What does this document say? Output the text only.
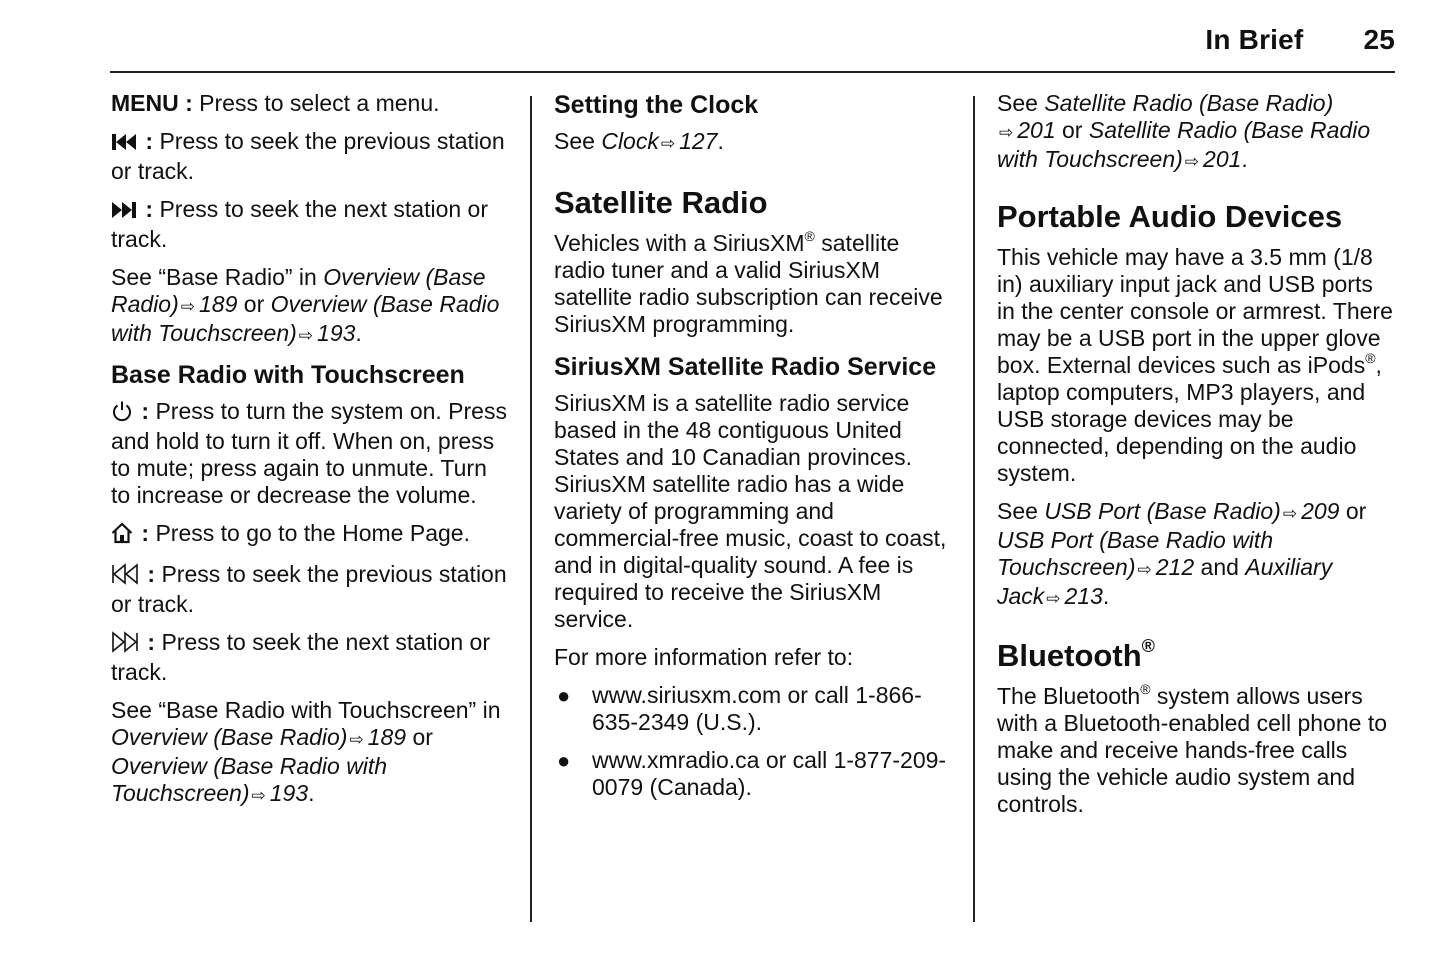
In Brief 25

MENU : Press to select a menu.

: Press to seek the previous station or track.

: Press to seek the next station or track.

See “Base Radio” in Overview (Base Radio) ⇨ 189 or Overview (Base Radio with Touchscreen) ⇨ 193.

Base Radio with Touchscreen

: Press to turn the system on. Press and hold to turn it off. When on, press to mute; press again to unmute. Turn to increase or decrease the volume.

: Press to go to the Home Page.

: Press to seek the previous station or track.

: Press to seek the next station or track.

See “Base Radio with Touchscreen” in Overview (Base Radio) ⇨ 189 or Overview (Base Radio with Touchscreen) ⇨ 193.

Setting the Clock

See Clock ⇨ 127.

Satellite Radio

Vehicles with a SiriusXM® satellite radio tuner and a valid SiriusXM satellite radio subscription can receive SiriusXM programming.

SiriusXM Satellite Radio Service

SiriusXM is a satellite radio service based in the 48 contiguous United States and 10 Canadian provinces. SiriusXM satellite radio has a wide variety of programming and commercial-free music, coast to coast, and in digital-quality sound. A fee is required to receive the SiriusXM service.

For more information refer to:

● www.siriusxm.com or call 1-866-635-2349 (U.S.).
● www.xmradio.ca or call 1-877-209-0079 (Canada).

See Satellite Radio (Base Radio)
⇨ 201 or Satellite Radio (Base Radio with Touchscreen) ⇨ 201.

Portable Audio Devices

This vehicle may have a 3.5 mm (1/8 in) auxiliary input jack and USB ports in the center console or armrest. There may be a USB port in the upper glove box. External devices such as iPods®, laptop computers, MP3 players, and USB storage devices may be connected, depending on the audio system.

See USB Port (Base Radio) ⇨ 209 or USB Port (Base Radio with Touchscreen) ⇨ 212 and Auxiliary Jack ⇨ 213.

Bluetooth®

The Bluetooth® system allows users with a Bluetooth-enabled cell phone to make and receive hands-free calls using the vehicle audio system and controls.
